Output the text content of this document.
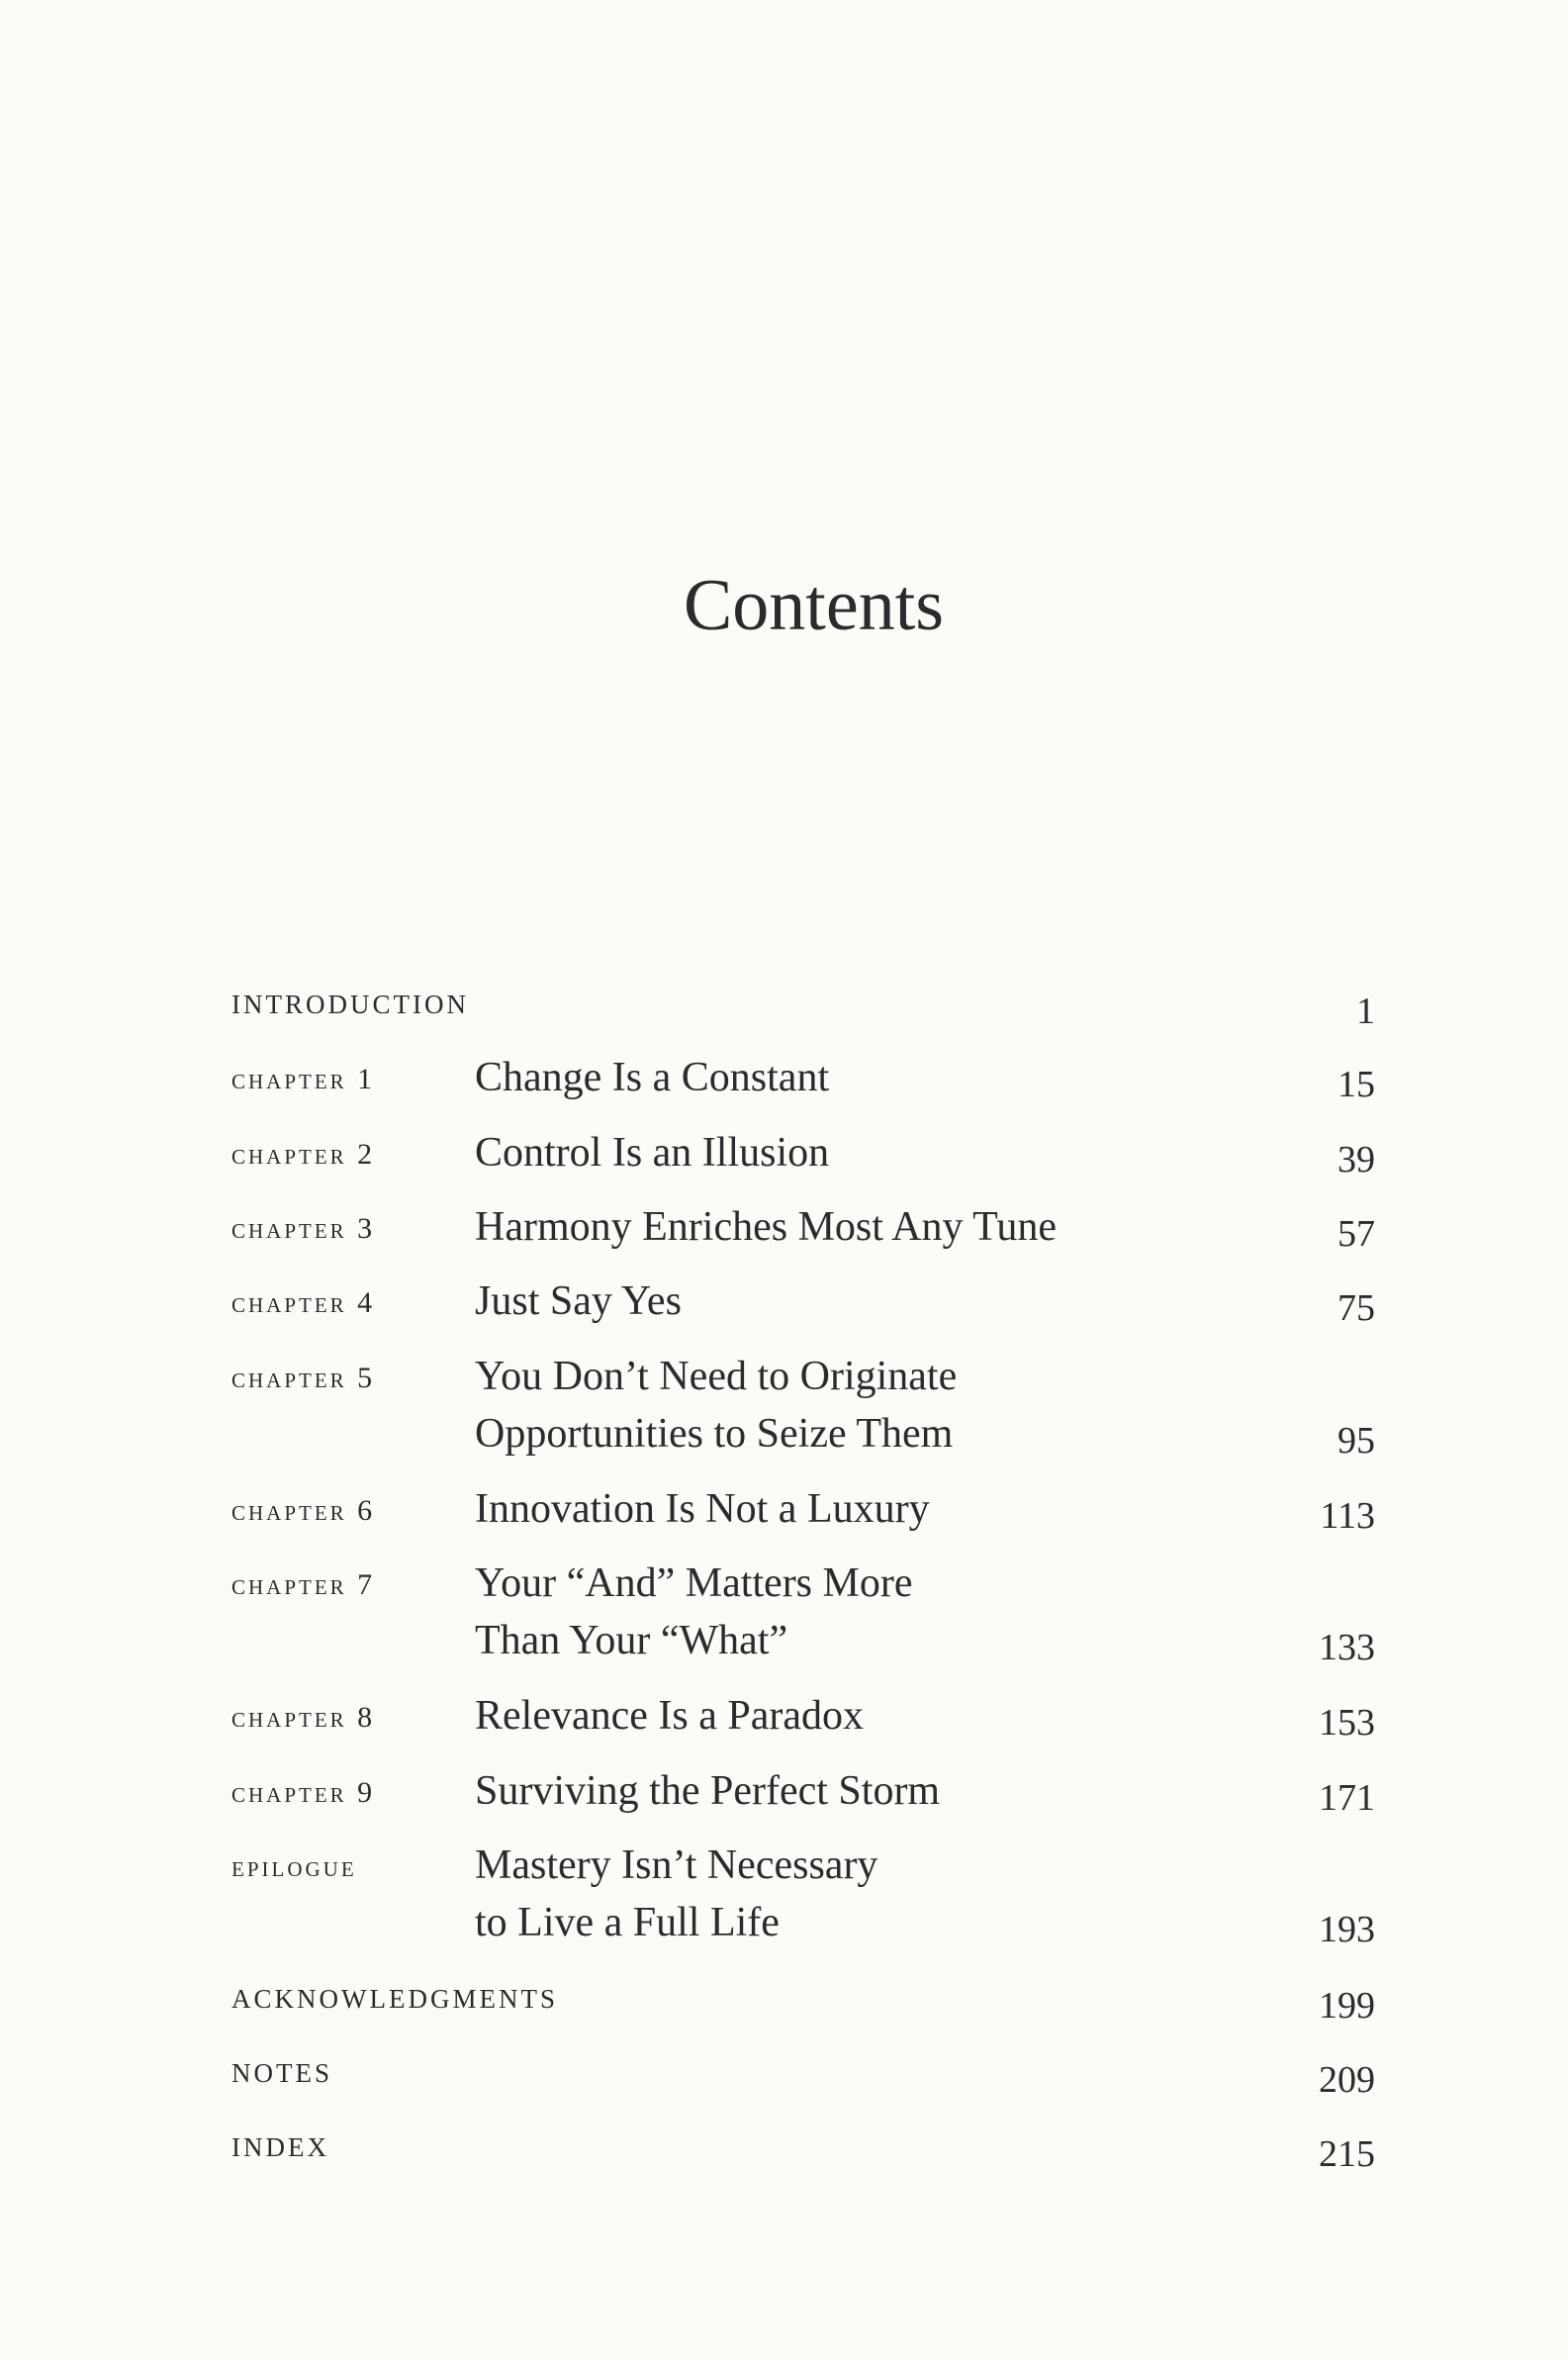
Contents
INTRODUCTION	1
chapter 1 Change Is a Constant	15
chapter 2 Control Is an Illusion	39
chapter 3 Harmony Enriches Most Any Tune	57
chapter 4 Just Say Yes	75
chapter 5 You Don’t Need to Originate
Opportunities to Seize Them	95
chapter 6 Innovation Is Not a Luxury	113
chapter 7 Your “And” Matters More
Than Your “What”	133
chapter 8 Relevance Is a Paradox	153
chapter 9 Surviving the Perfect Storm	171
epilogue	Mastery Isn’t Necessary
to Live a Full Life	193
ACKNOWLEDGMENTS	199
NOTES	209
INDEX	215
